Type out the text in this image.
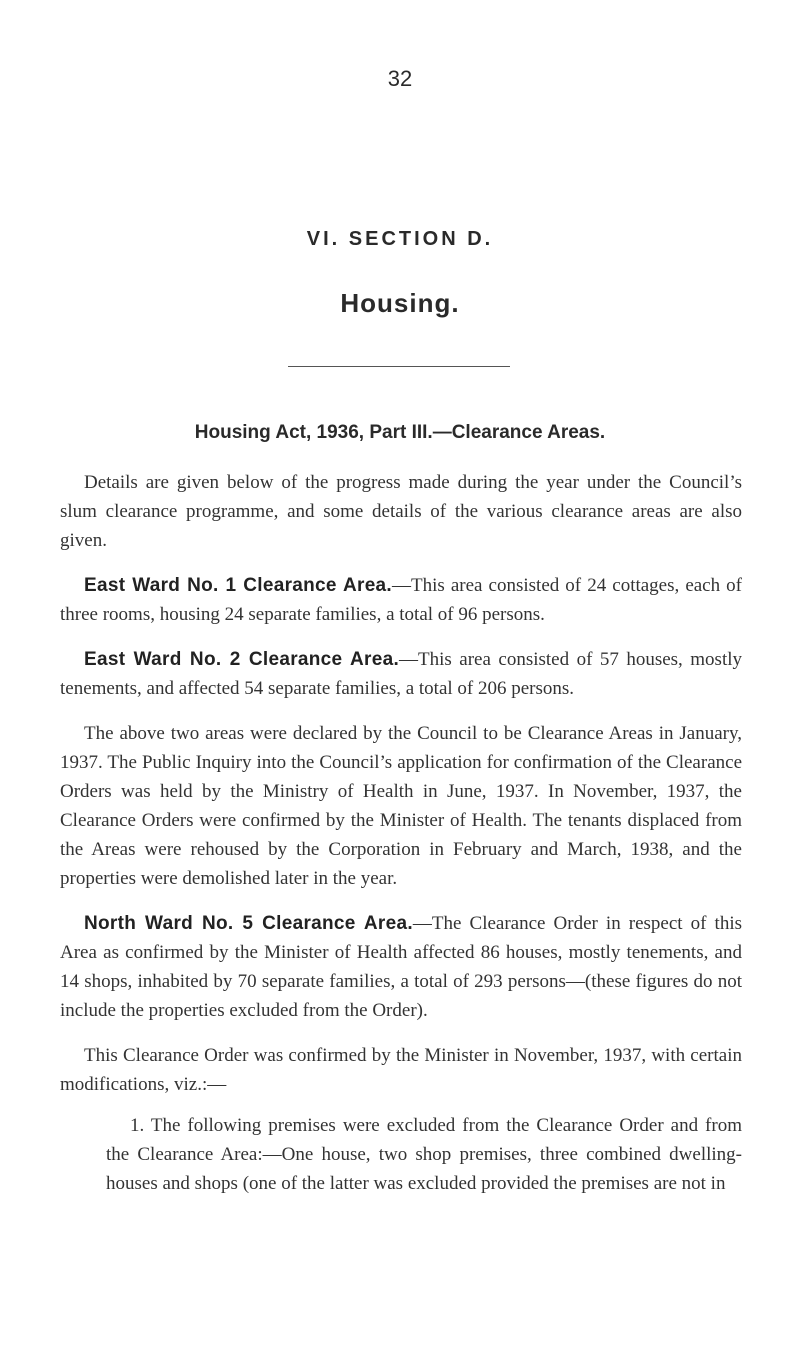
32
VI. SECTION D.
Housing.
Housing Act, 1936, Part III.—Clearance Areas.

Details are given below of the progress made during the year under the Council’s slum clearance programme, and some details of the various clearance areas are also given.

East Ward No. 1 Clearance Area.—This area consisted of 24 cottages, each of three rooms, housing 24 separate families, a total of 96 persons.

East Ward No. 2 Clearance Area.—This area consisted of 57 houses, mostly tenements, and affected 54 separate families, a total of 206 persons.

The above two areas were declared by the Council to be Clearance Areas in January, 1937. The Public Inquiry into the Council’s application for confirmation of the Clearance Orders was held by the Ministry of Health in June, 1937. In November, 1937, the Clearance Orders were confirmed by the Minister of Health. The tenants displaced from the Areas were rehoused by the Corporation in February and March, 1938, and the properties were demolished later in the year.

North Ward No. 5 Clearance Area.—The Clearance Order in respect of this Area as confirmed by the Minister of Health affected 86 houses, mostly tenements, and 14 shops, inhabited by 70 separate families, a total of 293 persons—(these figures do not include the properties excluded from the Order).

This Clearance Order was confirmed by the Minister in November, 1937, with certain modifications, viz.:—

1. The following premises were excluded from the Clearance Order and from the Clearance Area:—One house, two shop premises, three combined dwelling-houses and shops (one of the latter was excluded provided the premises are not in
